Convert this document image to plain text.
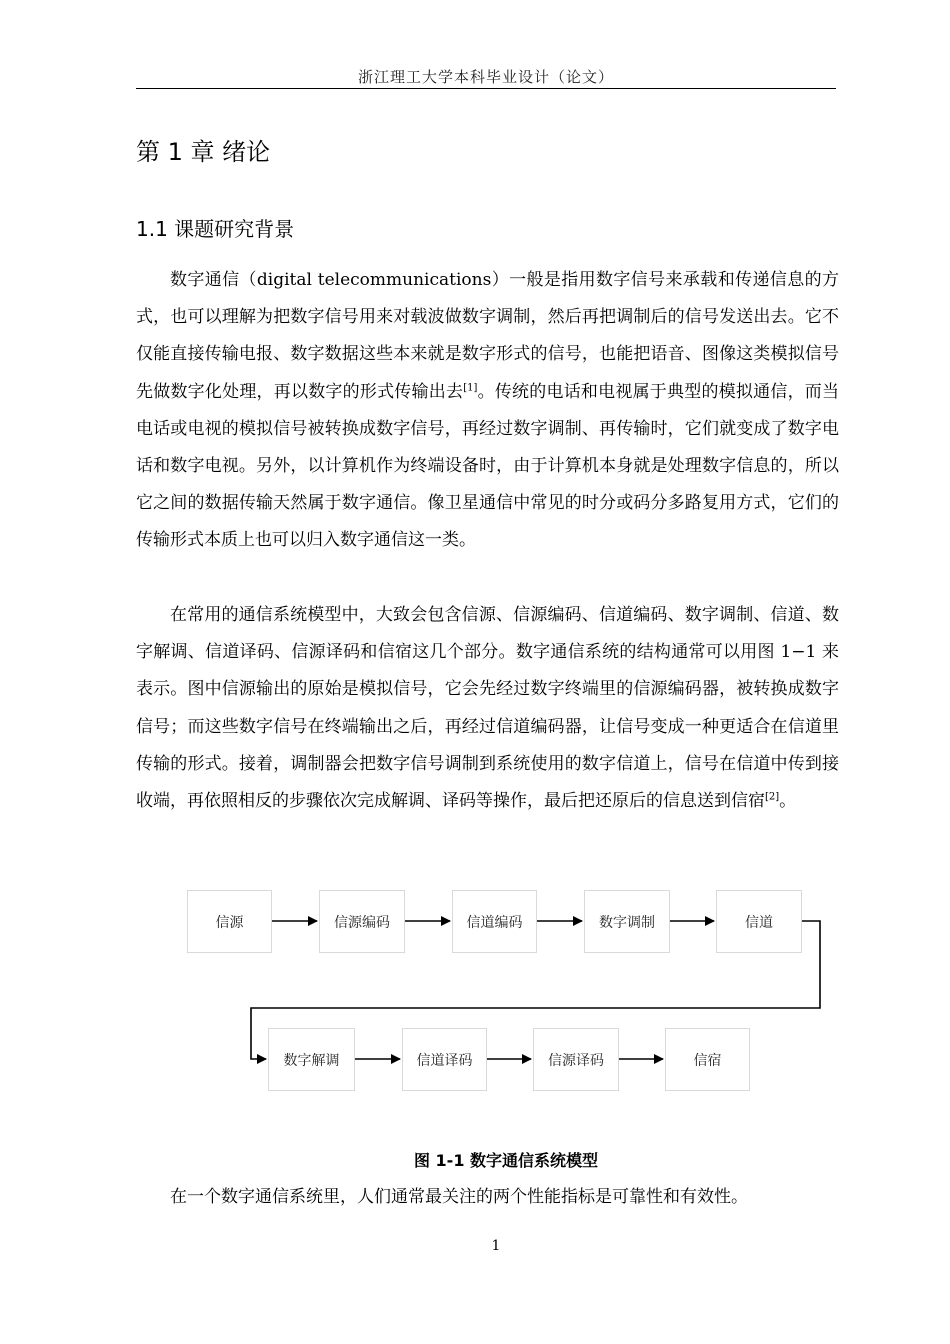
浙江理工大学本科毕业设计（论文）
第 1 章 绪论
1.1 课题研究背景

数字通信（digital telecommunications）一般是指用数字信号来承载和传递信息的方式，也可以理解为把数字信号用来对载波做数字调制，然后再把调制后的信号发送出去。它不仅能直接传输电报、数字数据这些本来就是数字形式的信号，也能把语音、图像这类模拟信号先做数字化处理，再以数字的形式传输出去[1]。传统的电话和电视属于典型的模拟通信，而当电话或电视的模拟信号被转换成数字信号，再经过数字调制、再传输时，它们就变成了数字电话和数字电视。另外，以计算机作为终端设备时，由于计算机本身就是处理数字信息的，所以它之间的数据传输天然属于数字通信。像卫星通信中常见的时分或码分多路复用方式，它们的传输形式本质上也可以归入数字通信这一类。

在常用的通信系统模型中，大致会包含信源、信源编码、信道编码、数字调制、信道、数字解调、信道译码、信源译码和信宿这几个部分。数字通信系统的结构通常可以用图 1−1 来表示。图中信源输出的原始是模拟信号，它会先经过数字终端里的信源编码器，被转换成数字信号；而这些数字信号在终端输出之后，再经过信道编码器，让信号变成一种更适合在信道里传输的形式。接着，调制器会把数字信号调制到系统使用的数字信道上，信号在信道中传到接收端，再依照相反的步骤依次完成解调、译码等操作，最后把还原后的信息送到信宿[2]。

信源	信源编码	信道编码	数字调制	信道
数字解调	信道译码	信源译码	信宿
图 1-1 数字通信系统模型

在一个数字通信系统里，人们通常最关注的两个性能指标是可靠性和有效性。

1
